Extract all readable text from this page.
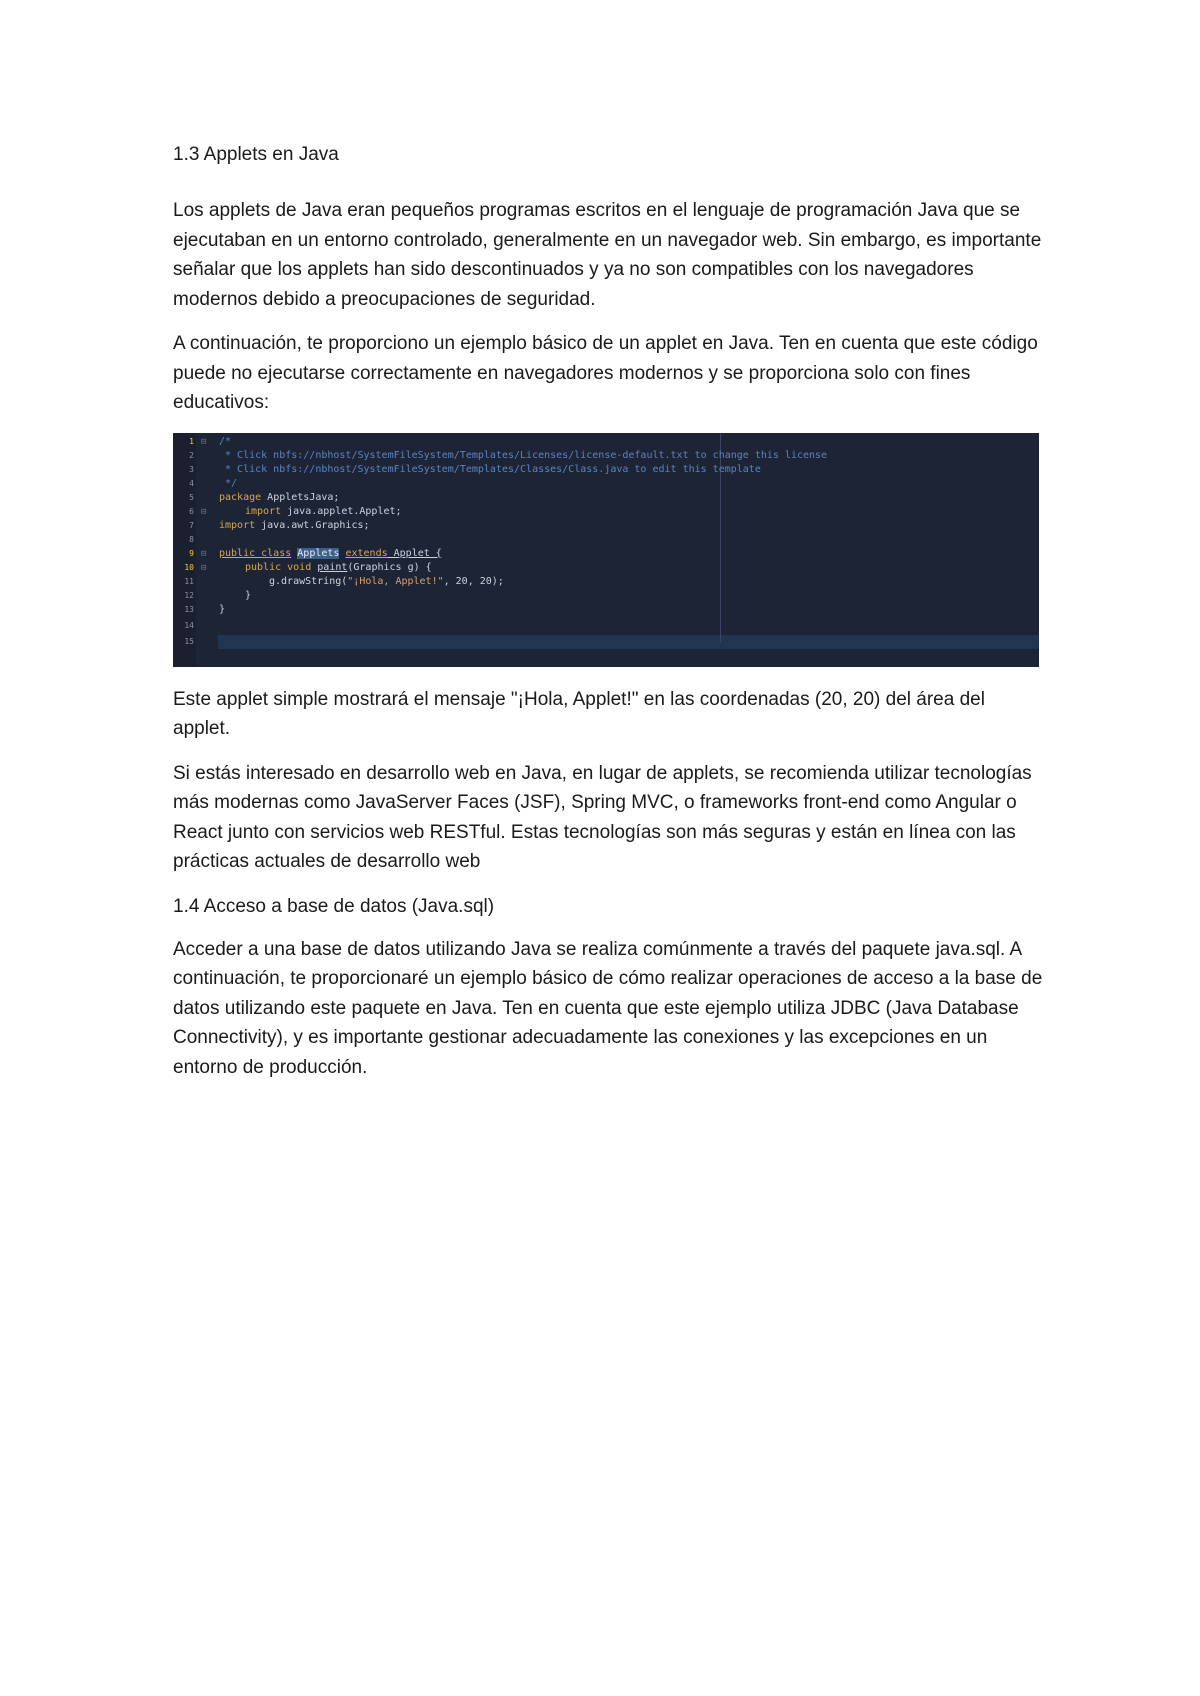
1.3 Applets en Java

Los applets de Java eran pequeños programas escritos en el lenguaje de programación Java que se ejecutaban en un entorno controlado, generalmente en un navegador web. Sin embargo, es importante señalar que los applets han sido descontinuados y ya no son compatibles con los navegadores modernos debido a preocupaciones de seguridad.

A continuación, te proporciono un ejemplo básico de un applet en Java. Ten en cuenta que este código puede no ejecutarse correctamente en navegadores modernos y se proporciona solo con fines educativos:

1
2
3
4
5
6
7
8
9
10
11
12
13
14
15
⊟
⊟
⊟
⊟
/*
* Click nbfs://nbhost/SystemFileSystem/Templates/Licenses/license-default.txt to change this license
* Click nbfs://nbhost/SystemFileSystem/Templates/Classes/Class.java to edit this template
*/
package AppletsJava;
import java.applet.Applet;
import java.awt.Graphics;
public class Applets extends Applet {
public void paint(Graphics g) {
g.drawString("¡Hola, Applet!", 20, 20);
}
}

Este applet simple mostrará el mensaje "¡Hola, Applet!" en las coordenadas (20, 20) del área del applet.

Si estás interesado en desarrollo web en Java, en lugar de applets, se recomienda utilizar tecnologías más modernas como JavaServer Faces (JSF), Spring MVC, o frameworks front-end como Angular o React junto con servicios web RESTful. Estas tecnologías son más seguras y están en línea con las prácticas actuales de desarrollo web

1.4 Acceso a base de datos (Java.sql)

Acceder a una base de datos utilizando Java se realiza comúnmente a través del paquete java.sql. A continuación, te proporcionaré un ejemplo básico de cómo realizar operaciones de acceso a la base de datos utilizando este paquete en Java. Ten en cuenta que este ejemplo utiliza JDBC (Java Database Connectivity), y es importante gestionar adecuadamente las conexiones y las excepciones en un entorno de producción.
